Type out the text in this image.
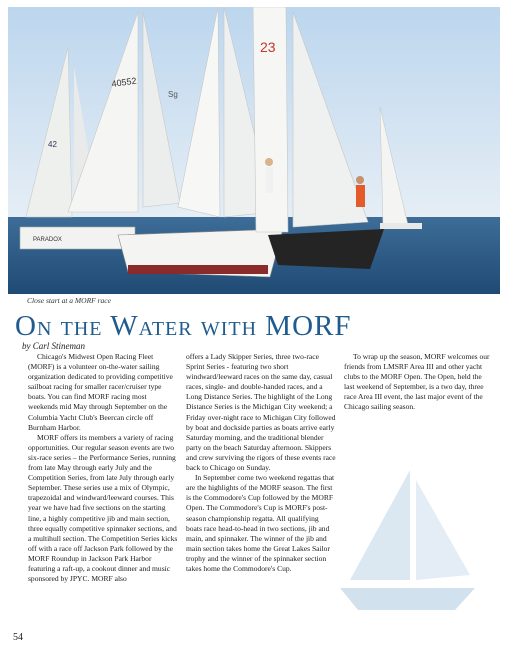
PARADOX
40552
23
42
Sg
Close start at a MORF race
On the Water with MORF
by Carl Stineman

Chicago's Midwest Open Racing Fleet (MORF) is a volunteer on-the-water sailing organization dedicated to providing competitive sailboat racing for smaller racer/cruiser type boats. You can find MORF racing most weekends mid May through September on the Columbia Yacht Club's Beercan circle off Burnham Harbor.

MORF offers its members a variety of racing opportunities. Our regular season events are two six-race series – the Performance Series, running from late May through early July and the Competition Series, from late July through early September. These series use a mix of Olympic, trapezoidal and windward/leeward courses. This year we have had five sections on the starting line, a highly competitive jib and main section, three equally competitive spinnaker sections, and a multihull section. The Competition Series kicks off with a race off Jackson Park followed by the MORF Roundup in Jackson Park Harbor featuring a raft-up, a cookout dinner and music sponsored by JPYC. MORF also

offers a Lady Skipper Series, three two-race Sprint Series - featuring two short windward/leeward races on the same day, casual races, single- and double-handed races, and a Long Distance Series. The highlight of the Long Distance Series is the Michigan City weekend; a Friday over-night race to Michigan City followed by boat and dockside parties as boats arrive early Saturday morning, and the traditional blender party on the beach Saturday afternoon. Skippers and crew surviving the rigors of these events race back to Chicago on Sunday.

In September come two weekend regattas that are the highlights of the MORF season. The first is the Commodore's Cup followed by the MORF Open. The Commodore's Cup is MORF's post-season championship regatta. All qualifying boats race head-to-head in two sections, jib and main, and spinnaker. The winner of the jib and main section takes home the Great Lakes Sailor trophy and the winner of the spinnaker section takes home the Commodore's Cup.

To wrap up the season, MORF welcomes our friends from LMSRF Area III and other yacht clubs to the MORF Open. The Open, held the last weekend of September, is a two day, three race Area III event, the last major event of the Chicago sailing season.

54
